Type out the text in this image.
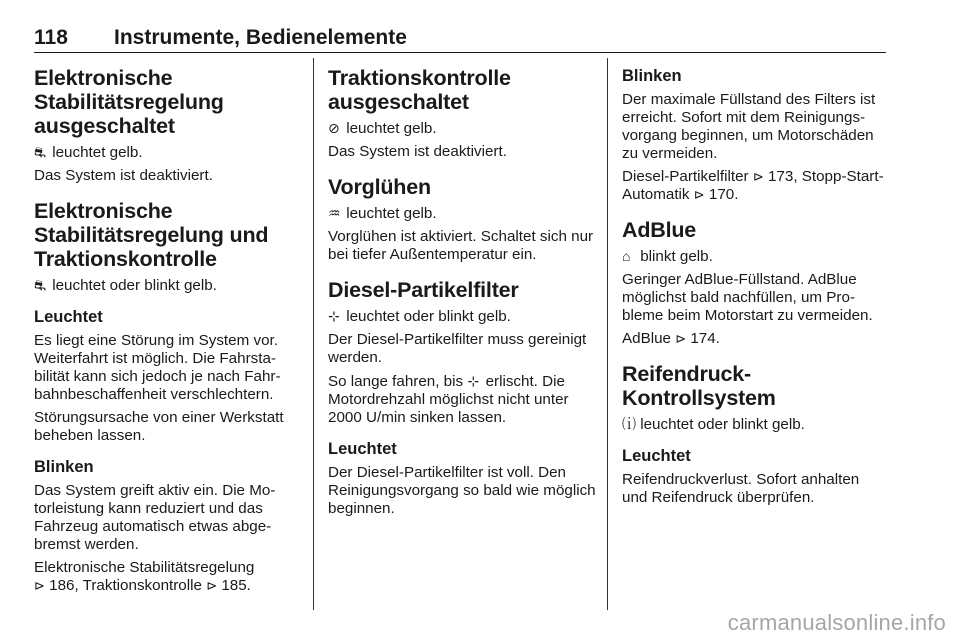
118 Instrumente, Bedienelemente
Elektronische Stabilitätsregelung ausgeschaltet

⛐ leuchtet gelb.

Das System ist deaktiviert.

Elektronische Stabilitätsregelung und Traktionskontrolle

⛐ leuchtet oder blinkt gelb.

Leuchtet

Es liegt eine Störung im System vor. Weiterfahrt ist möglich. Die Fahrstabilität kann sich jedoch je nach Fahrbahnbeschaffenheit verschlechtern.

Störungsursache von einer Werkstatt beheben lassen.

Blinken

Das System greift aktiv ein. Die Motorleistung kann reduziert und das Fahrzeug automatisch etwas abgebremst werden.

Elektronische Stabilitätsregelung
⊳ 186, Traktionskontrolle ⊳ 185.

Traktionskontrolle ausgeschaltet

⊘ leuchtet gelb.

Das System ist deaktiviert.

Vorglühen

♒ leuchtet gelb.

Vorglühen ist aktiviert. Schaltet sich nur bei tiefer Außentemperatur ein.

Diesel-Partikelfilter

⊹ leuchtet oder blinkt gelb.

Der Diesel-Partikelfilter muss gereinigt werden.

So lange fahren, bis ⊹ erlischt. Die Motordrehzahl möglichst nicht unter 2000 U/min sinken lassen.

Leuchtet

Der Diesel-Partikelfilter ist voll. Den Reinigungsvorgang so bald wie möglich beginnen.

Blinken

Der maximale Füllstand des Filters ist erreicht. Sofort mit dem Reinigungsvorgang beginnen, um Motorschäden zu vermeiden.

Diesel-Partikelfilter ⊳ 173, Stopp-Start-Automatik ⊳ 170.

AdBlue

⌂ blinkt gelb.

Geringer AdBlue-Füllstand. AdBlue möglichst bald nachfüllen, um Probleme beim Motorstart zu vermeiden.

AdBlue ⊳ 174.

Reifendruck-Kontrollsystem

⒤ leuchtet oder blinkt gelb.

Leuchtet

Reifendruckverlust. Sofort anhalten und Reifendruck überprüfen.

carmanualsonline.info
